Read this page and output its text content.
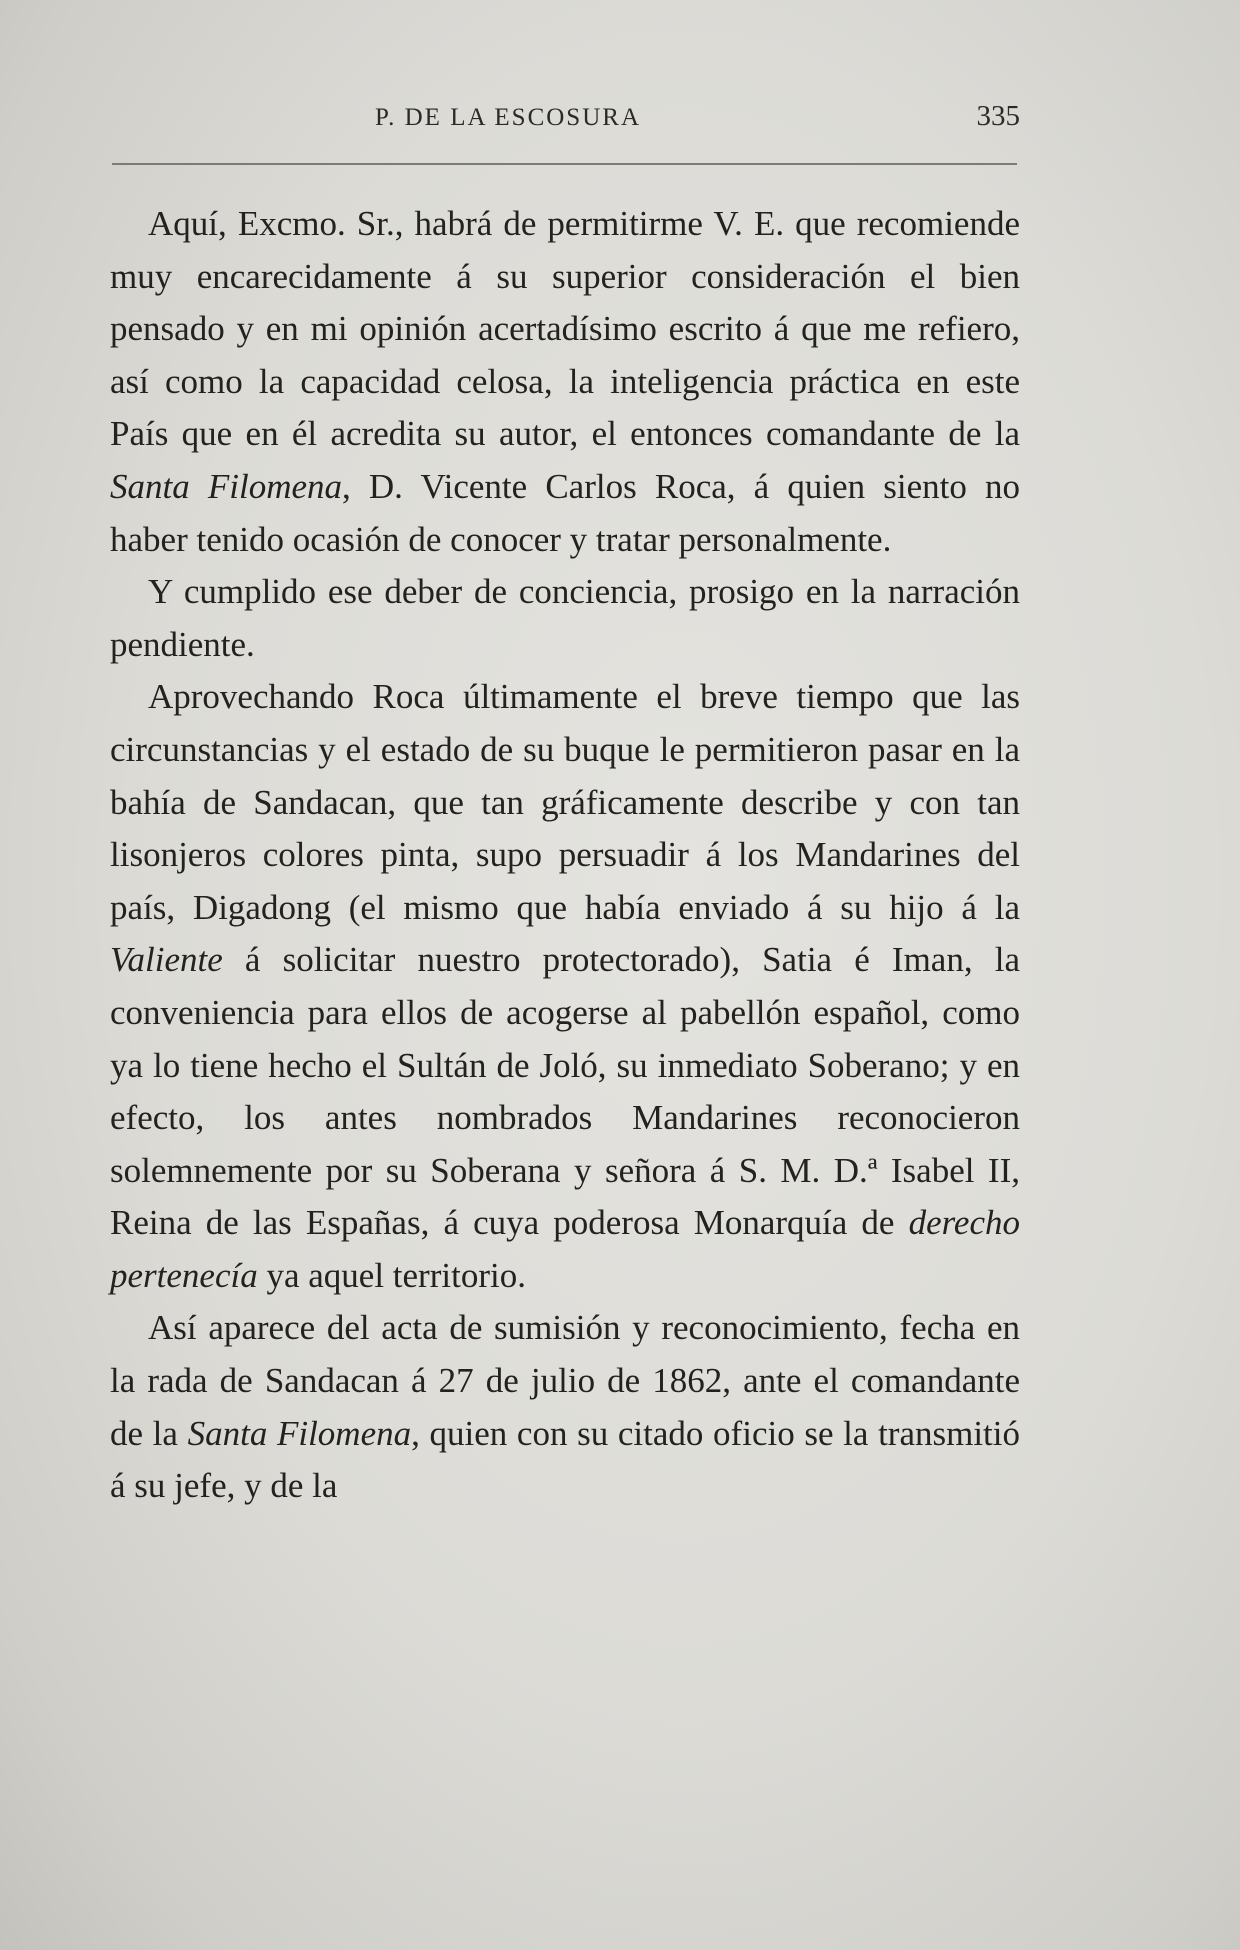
P. DE LA ESCOSURA	335

Aquí, Excmo. Sr., habrá de permitirme V. E. que recomiende muy encarecidamente á su superior consideración el bien pensado y en mi opinión acertadísimo escrito á que me refiero, así como la capacidad celosa, la inteligencia práctica en este País que en él acredita su autor, el entonces comandante de la Santa Filomena, D. Vicente Carlos Roca, á quien siento no haber tenido ocasión de conocer y tratar personalmente.

Y cumplido ese deber de conciencia, prosigo en la narración pendiente.

Aprovechando Roca últimamente el breve tiempo que las circunstancias y el estado de su buque le permitieron pasar en la bahía de Sandacan, que tan gráficamente describe y con tan lisonjeros colores pinta, supo persuadir á los Mandarines del país, Digadong (el mismo que había enviado á su hijo á la Valiente á solicitar nuestro protectorado), Satia é Iman, la conveniencia para ellos de acogerse al pabellón español, como ya lo tiene hecho el Sultán de Joló, su inmediato Soberano; y en efecto, los antes nombrados Mandarines reconocieron solemnemente por su Soberana y señora á S. M. D.ª Isabel II, Reina de las Españas, á cuya poderosa Monarquía de derecho pertenecía ya aquel territorio.

Así aparece del acta de sumisión y reconocimiento, fecha en la rada de Sandacan á 27 de julio de 1862, ante el comandante de la Santa Filomena, quien con su citado oficio se la transmitió á su jefe, y de la
